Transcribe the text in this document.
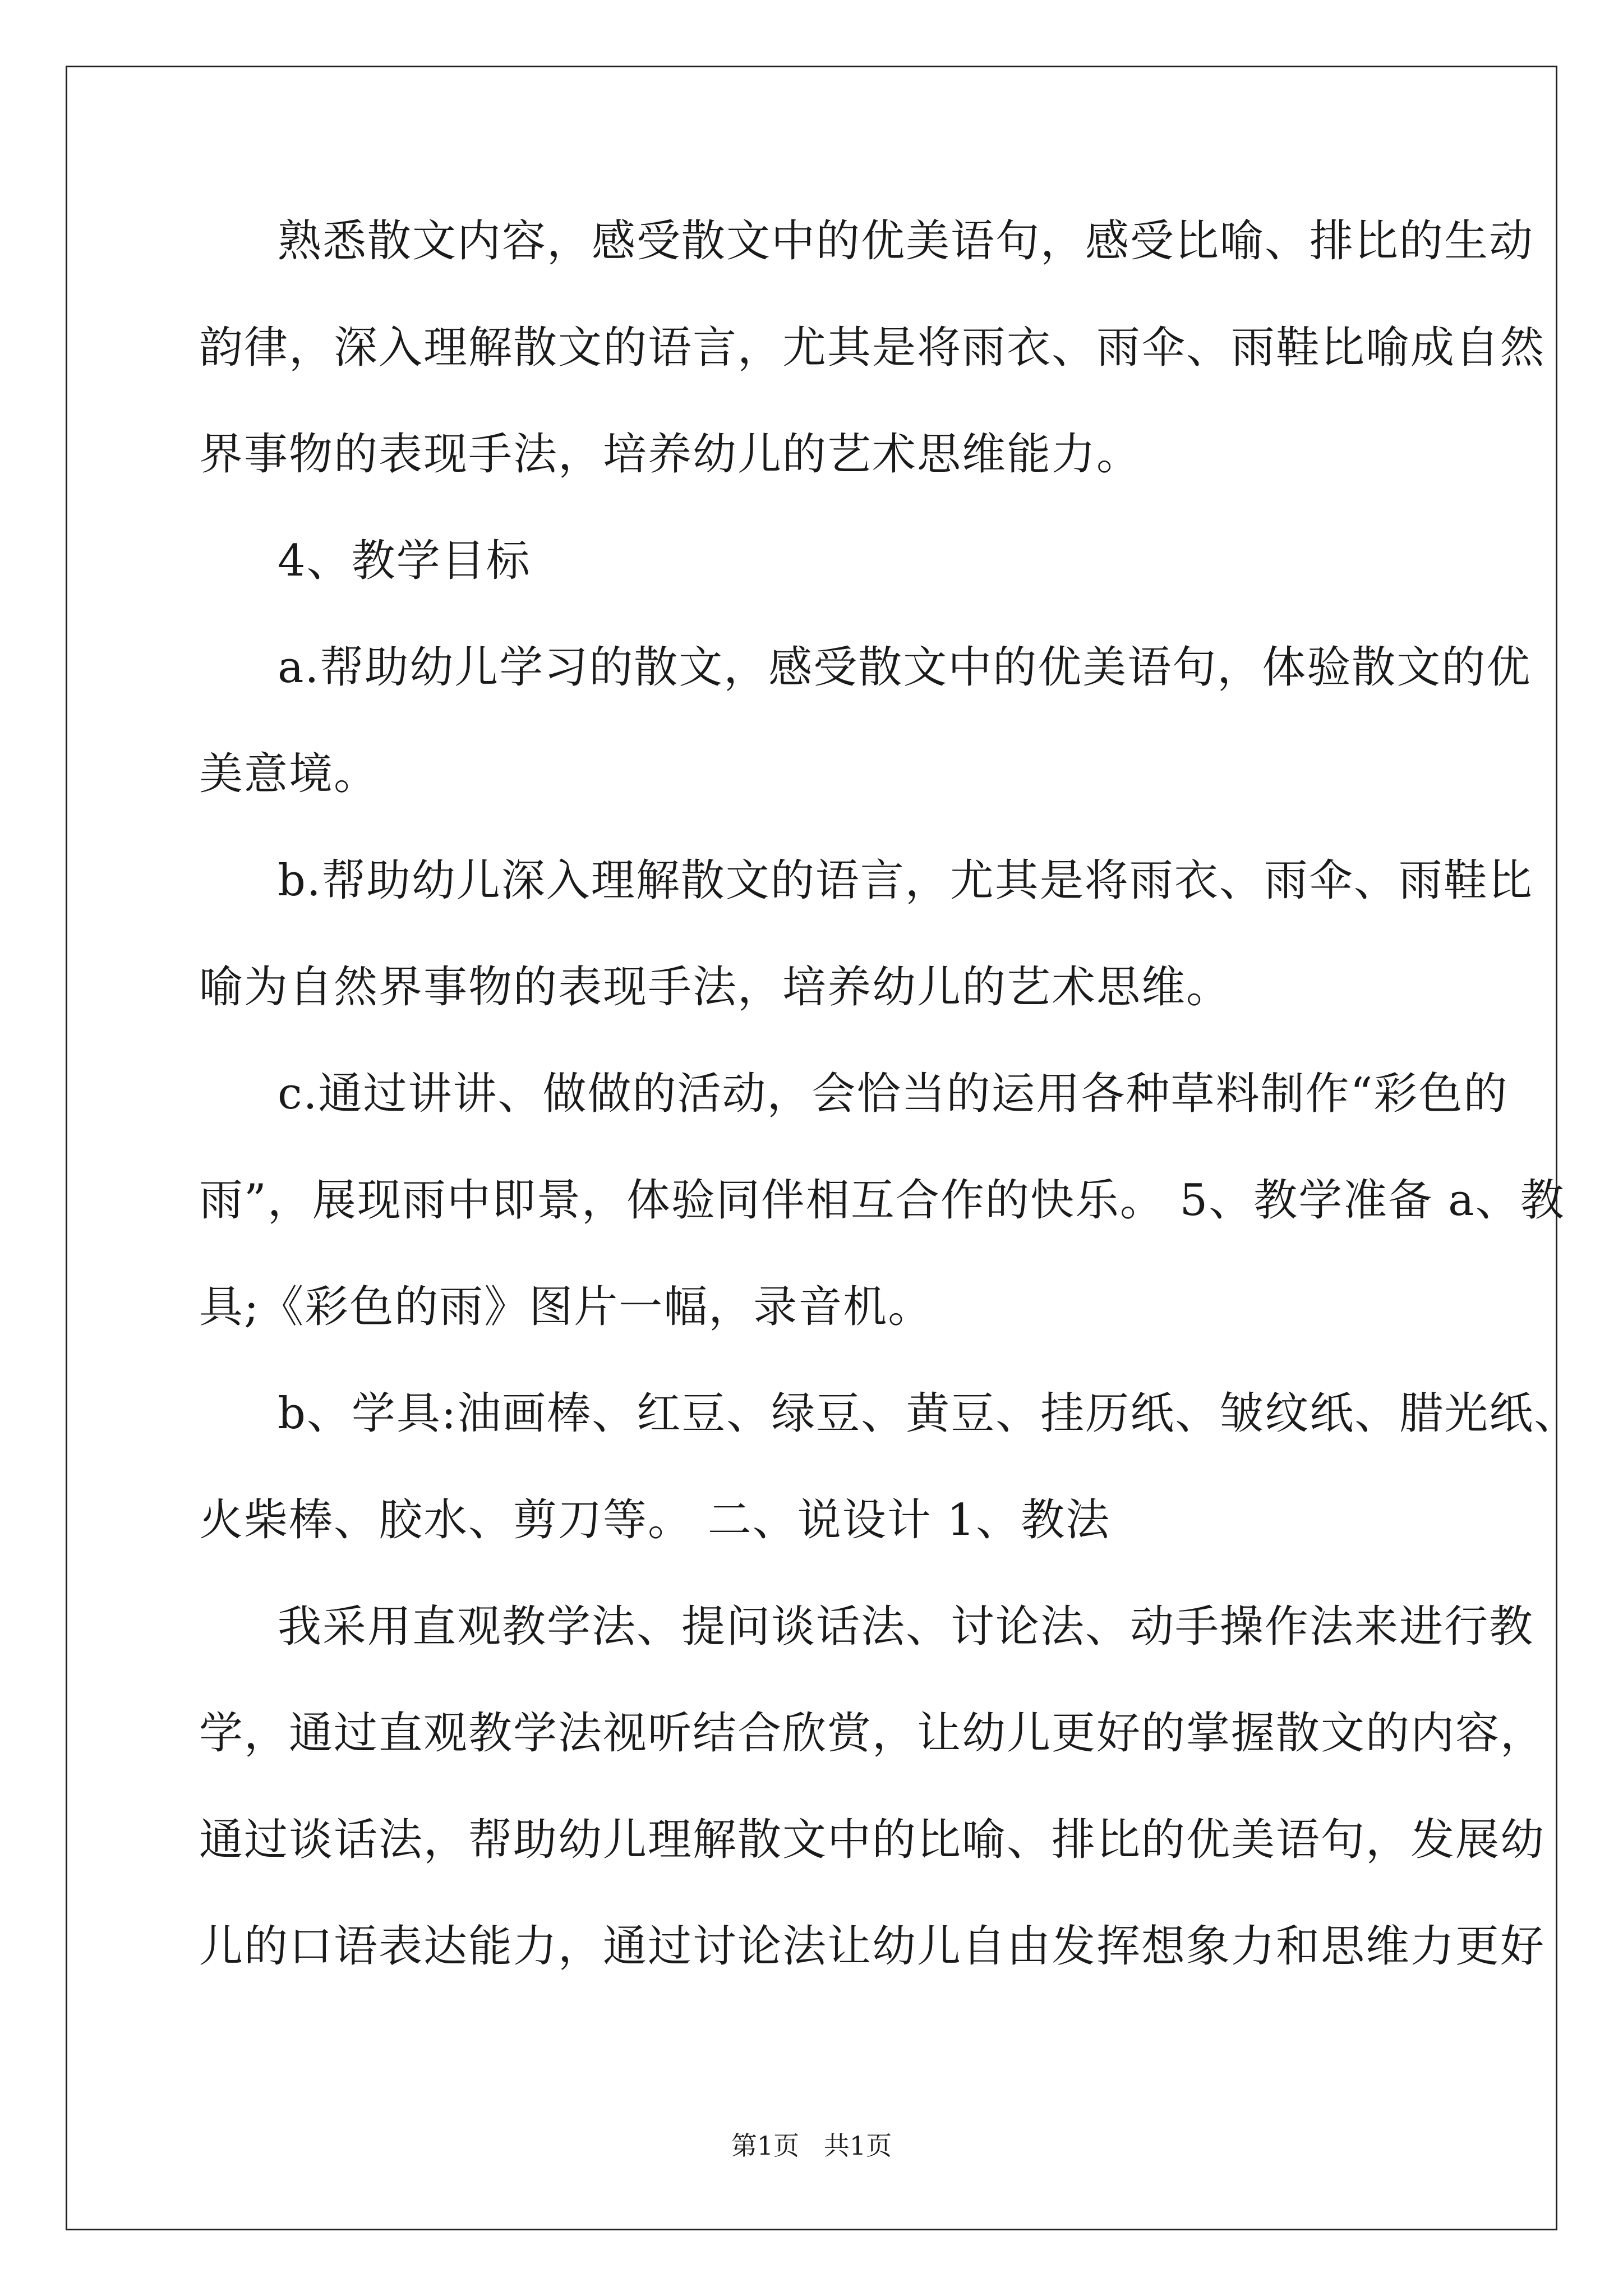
熟悉散文内容，感受散文中的优美语句，感受比喻、排比的生动
韵律，深入理解散文的语言，尤其是将雨衣、雨伞、雨鞋比喻成自然
界事物的表现手法，培养幼儿的艺术思维能力。
4、教学目标
a.帮助幼儿学习的散文，感受散文中的优美语句，体验散文的优
美意境。
b.帮助幼儿深入理解散文的语言，尤其是将雨衣、雨伞、雨鞋比
喻为自然界事物的表现手法，培养幼儿的艺术思维。
c.通过讲讲、做做的活动，会恰当的运用各种草料制作“彩色的
雨”，展现雨中即景，体验同伴相互合作的快乐。 5、教学准备 a、教
具;《彩色的雨》图片一幅，录音机。
b、学具:油画棒、红豆、绿豆、黄豆、挂历纸、皱纹纸、腊光纸、
火柴棒、胶水、剪刀等。 二、说设计 1、教法
我采用直观教学法、提问谈话法、讨论法、动手操作法来进行教
学，通过直观教学法视听结合欣赏，让幼儿更好的掌握散文的内容，
通过谈话法，帮助幼儿理解散文中的比喻、排比的优美语句，发展幼
儿的口语表达能力，通过讨论法让幼儿自由发挥想象力和思维力更好
第1页   共1页
